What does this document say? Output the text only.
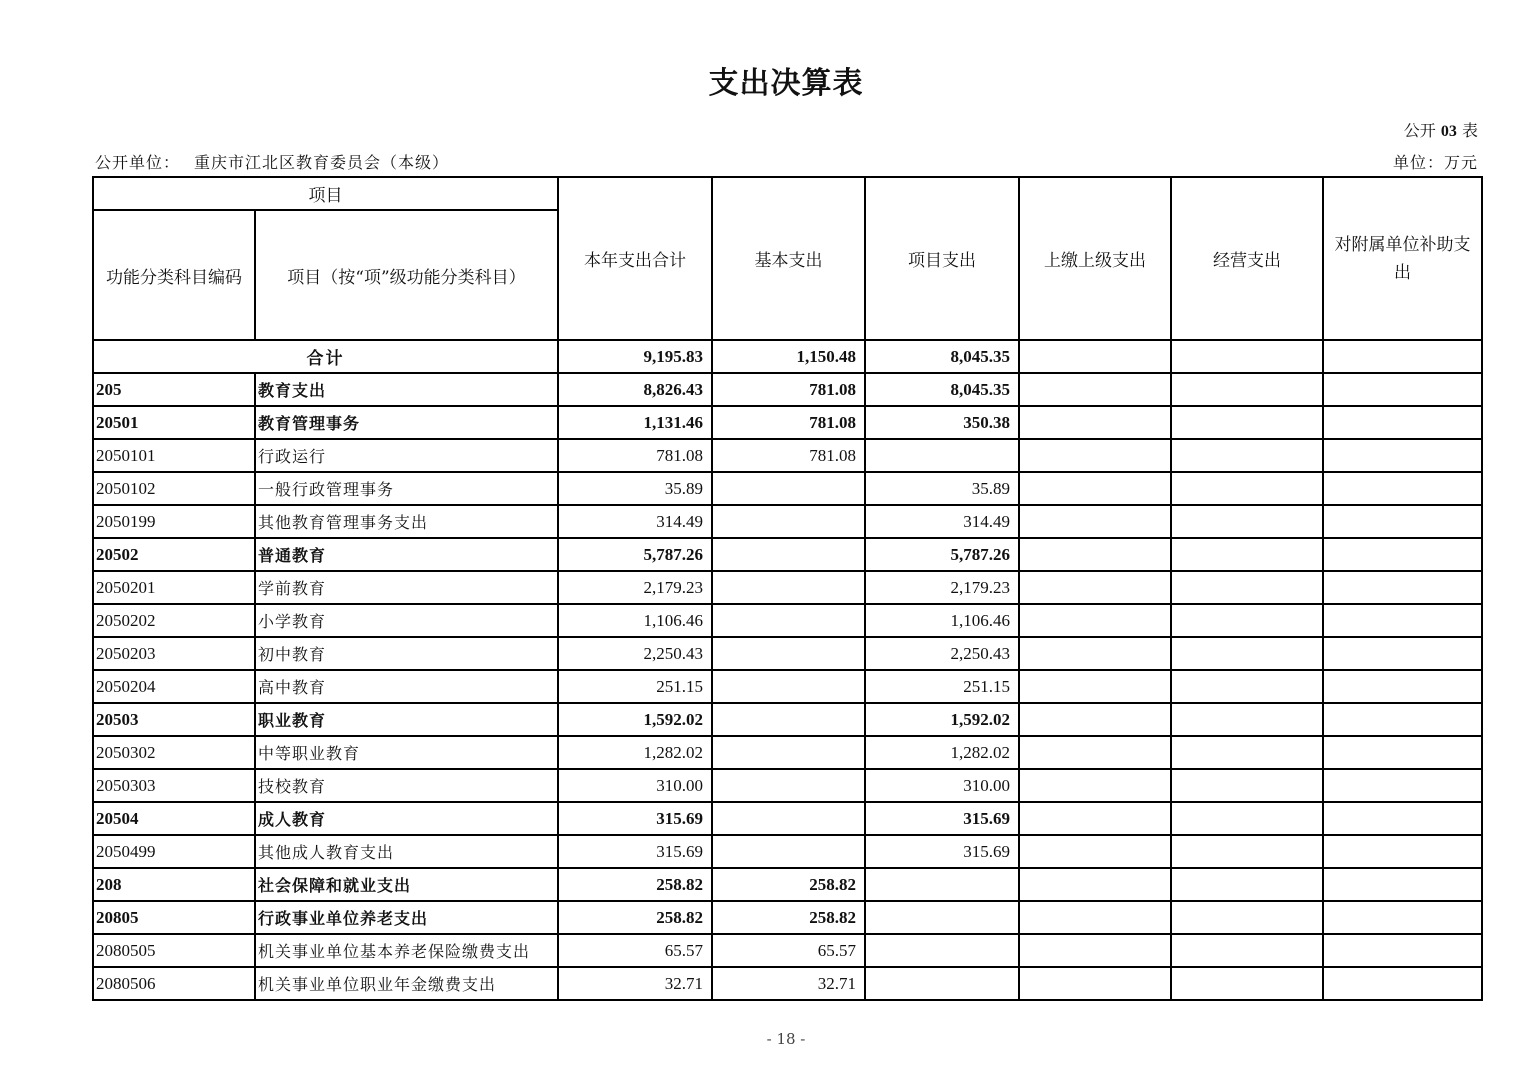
支出决算表
公开 03 表
公开单位： 重庆市江北区教育委员会（本级）	单位：万元
项目		本年支出合计	基本支出	项目支出	上缴上级支出	经营支出	对附属单位补助支出
功能分类科目编码	项目（按“项”级功能分类科目）						
合计		9,195.83	1,150.48	8,045.35			
205	教育支出	8,826.43	781.08	8,045.35			
20501	教育管理事务	1,131.46	781.08	350.38			
2050101	行政运行	781.08	781.08				
2050102	一般行政管理事务	35.89		35.89			
2050199	其他教育管理事务支出	314.49		314.49			
20502	普通教育	5,787.26		5,787.26			
2050201	学前教育	2,179.23		2,179.23			
2050202	小学教育	1,106.46		1,106.46			
2050203	初中教育	2,250.43		2,250.43			
2050204	高中教育	251.15		251.15			
20503	职业教育	1,592.02		1,592.02			
2050302	中等职业教育	1,282.02		1,282.02			
2050303	技校教育	310.00		310.00			
20504	成人教育	315.69		315.69			
2050499	其他成人教育支出	315.69		315.69			
208	社会保障和就业支出	258.82	258.82				
20805	行政事业单位养老支出	258.82	258.82				
2080505	机关事业单位基本养老保险缴费支出	65.57	65.57				
2080506	机关事业单位职业年金缴费支出	32.71	32.71				
- 18 -
